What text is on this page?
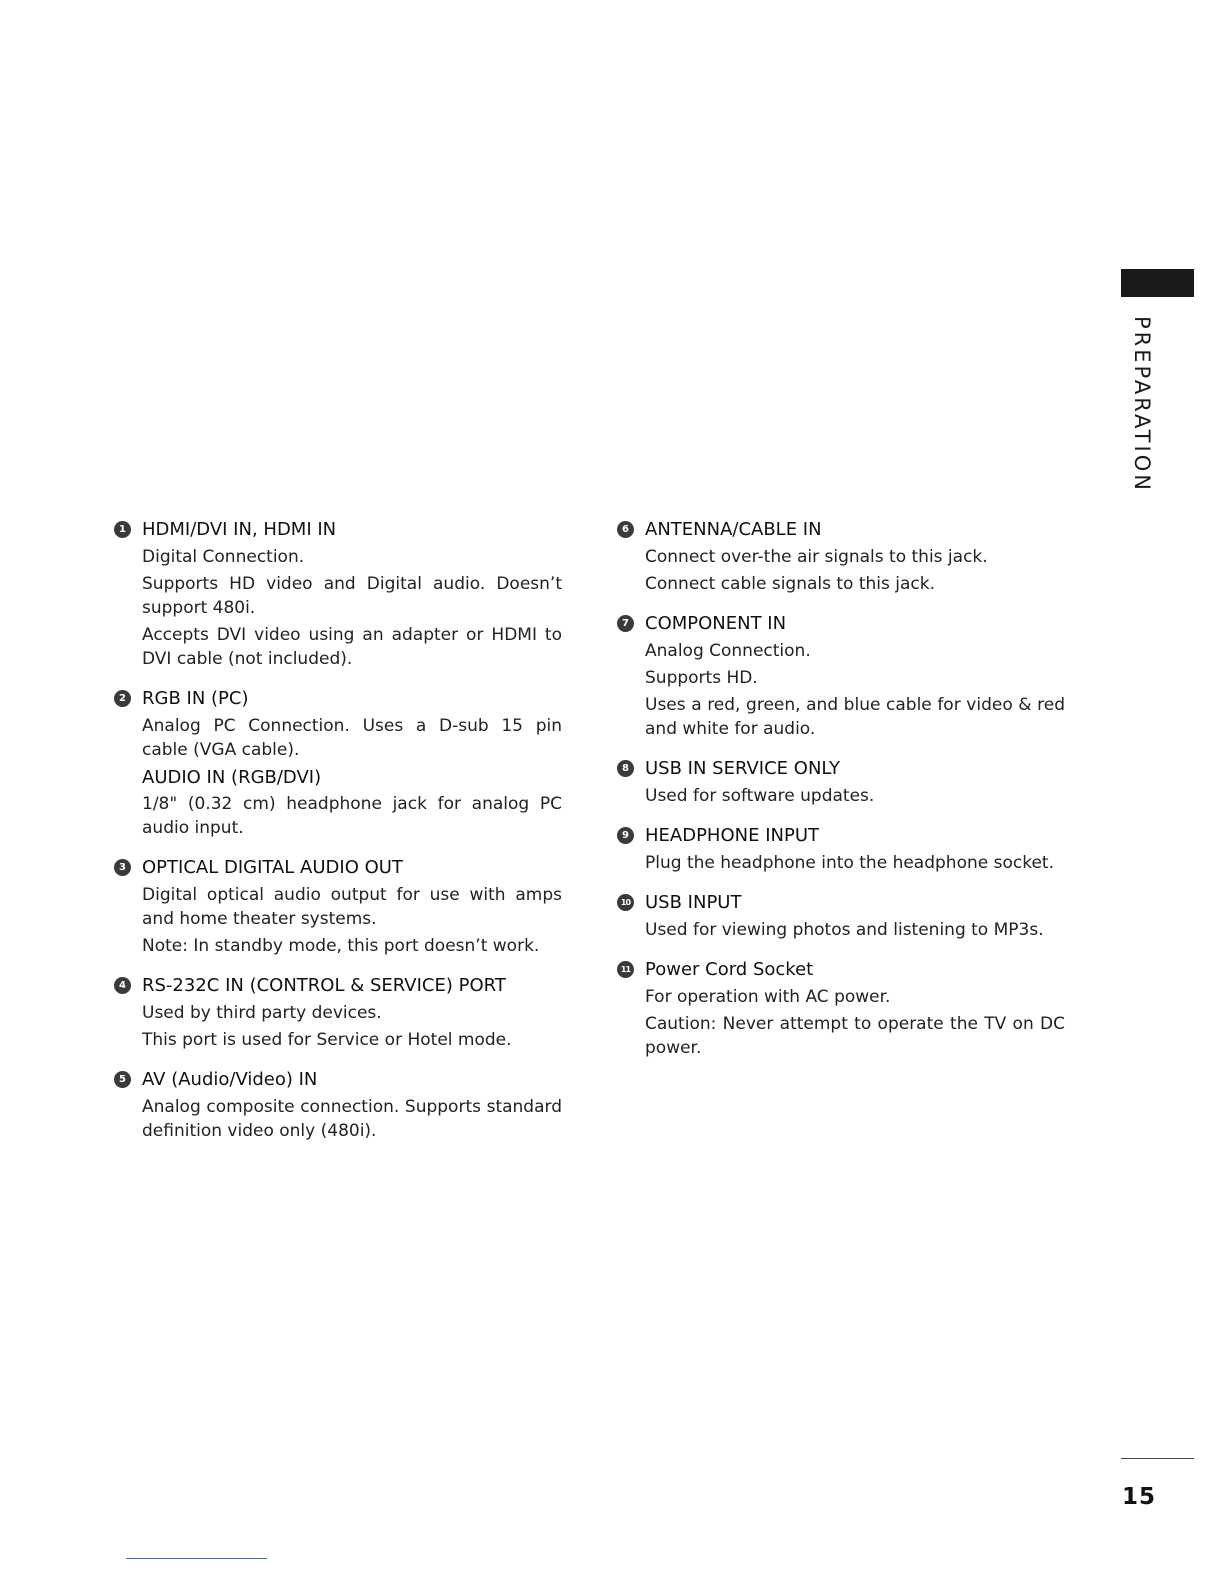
PREPARATION
1 HDMI/DVI IN, HDMI IN

Digital Connection.

Supports HD video and Digital audio. Doesn’t support 480i.

Accepts DVI video using an adapter or HDMI to DVI cable (not included).

2 RGB IN (PC)

Analog PC Connection. Uses a D-sub 15 pin cable (VGA cable).

AUDIO IN (RGB/DVI)

1/8" (0.32 cm) headphone jack for analog PC audio input.

3 OPTICAL DIGITAL AUDIO OUT

Digital optical audio output for use with amps and home theater systems.

Note: In standby mode, this port doesn’t work.

4 RS-232C IN (CONTROL & SERVICE) PORT

Used by third party devices.

This port is used for Service or Hotel mode.

5 AV (Audio/Video) IN

Analog composite connection. Supports standard definition video only (480i).

6 ANTENNA/CABLE IN

Connect over-the air signals to this jack.

Connect cable signals to this jack.

7 COMPONENT IN

Analog Connection.

Supports HD.

Uses a red, green, and blue cable for video & red and white for audio.

8 USB IN SERVICE ONLY

Used for software updates.

9 HEADPHONE INPUT

Plug the headphone into the headphone socket.

10 USB INPUT

Used for viewing photos and listening to MP3s.

11 Power Cord Socket

For operation with AC power.

Caution: Never attempt to operate the TV on DC power.

15
